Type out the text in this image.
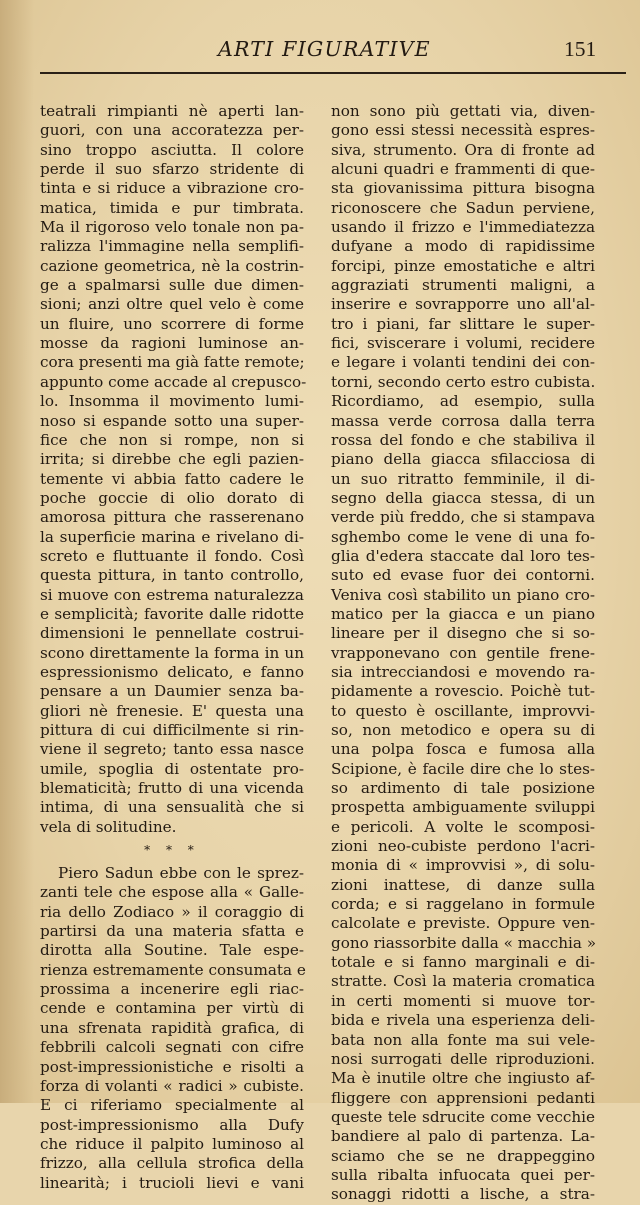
ARTI FIGURATIVE	151
teatrali rimpianti nè aperti lan-
guori, con una accoratezza per-
sino troppo asciutta. Il colore
perde il suo sfarzo stridente di
tinta e si riduce a vibrazione cro-
matica, timida e pur timbrata.
Ma il rigoroso velo tonale non pa-
ralizza l'immagine nella semplifi-
cazione geometrica, nè la costrin-
ge a spalmarsi sulle due dimen-
sioni; anzi oltre quel velo è come
un fluire, uno scorrere di forme
mosse da ragioni luminose an-
cora presenti ma già fatte remote;
appunto come accade al crepusco-
lo. Insomma il movimento lumi-
noso si espande sotto una super-
fice che non si rompe, non si
irrita; si direbbe che egli pazien-
temente vi abbia fatto cadere le
poche goccie di olio dorato di
amorosa pittura che rasserenano
la superficie marina e rivelano di-
screto e fluttuante il fondo. Così
questa pittura, in tanto controllo,
si muove con estrema naturalezza
e semplicità; favorite dalle ridotte
dimensioni le pennellate costrui-
scono direttamente la forma in un
espressionismo delicato, e fanno
pensare a un Daumier senza ba-
gliori nè frenesie. E' questa una
pittura di cui difficilmente si rin-
viene il segreto; tanto essa nasce
umile, spoglia di ostentate pro-
blematicità; frutto di una vicenda
intima, di una sensualità che si
vela di solitudine.
* * *
Piero Sadun ebbe con le sprez-
zanti tele che espose alla « Galle-
ria dello Zodiaco » il coraggio di
partirsi da una materia sfatta e
dirotta alla Soutine. Tale espe-
rienza estremamente consumata e
prossima a incenerire egli riac-
cende e contamina per virtù di
una sfrenata rapidità grafica, di
febbrili calcoli segnati con cifre
post-impressionistiche e risolti a
forza di volanti « radici » cubiste.
E ci riferiamo specialmente al
post-impressionismo alla Dufy
che riduce il palpito luminoso al
frizzo, alla cellula strofica della
linearità; i trucioli lievi e vani
non sono più gettati via, diven-
gono essi stessi necessità espres-
siva, strumento. Ora di fronte ad
alcuni quadri e frammenti di que-
sta giovanissima pittura bisogna
riconoscere che Sadun perviene,
usando il frizzo e l'immediatezza
dufyane a modo di rapidissime
forcipi, pinze emostatiche e altri
aggraziati strumenti maligni, a
inserire e sovrapporre uno all'al-
tro i piani, far slittare le super-
fici, sviscerare i volumi, recidere
e legare i volanti tendini dei con-
torni, secondo certo estro cubista.
Ricordiamo, ad esempio, sulla
massa verde corrosa dalla terra
rossa del fondo e che stabiliva il
piano della giacca sfilacciosa di
un suo ritratto femminile, il di-
segno della giacca stessa, di un
verde più freddo, che si stampava
sghembo come le vene di una fo-
glia d'edera staccate dal loro tes-
suto ed evase fuor dei contorni.
Veniva così stabilito un piano cro-
matico per la giacca e un piano
lineare per il disegno che si so-
vrapponevano con gentile frene-
sia intrecciandosi e movendo ra-
pidamente a rovescio. Poichè tut-
to questo è oscillante, improvvi-
so, non metodico e opera su di
una polpa fosca e fumosa alla
Scipione, è facile dire che lo stes-
so ardimento di tale posizione
prospetta ambiguamente sviluppi
e pericoli. A volte le scomposi-
zioni neo-cubiste perdono l'acri-
monia di « improvvisi », di solu-
zioni inattese, di danze sulla
corda; e si raggelano in formule
calcolate e previste. Oppure ven-
gono riassorbite dalla « macchia »
totale e si fanno marginali e di-
stratte. Così la materia cromatica
in certi momenti si muove tor-
bida e rivela una esperienza deli-
bata non alla fonte ma sui vele-
nosi surrogati delle riproduzioni.
Ma è inutile oltre che ingiusto af-
fliggere con apprensioni pedanti
queste tele sdrucite come vecchie
bandiere al palo di partenza. La-
sciamo che se ne drappeggino
sulla ribalta infuocata quei per-
sonaggi ridotti a lische, a stra-
